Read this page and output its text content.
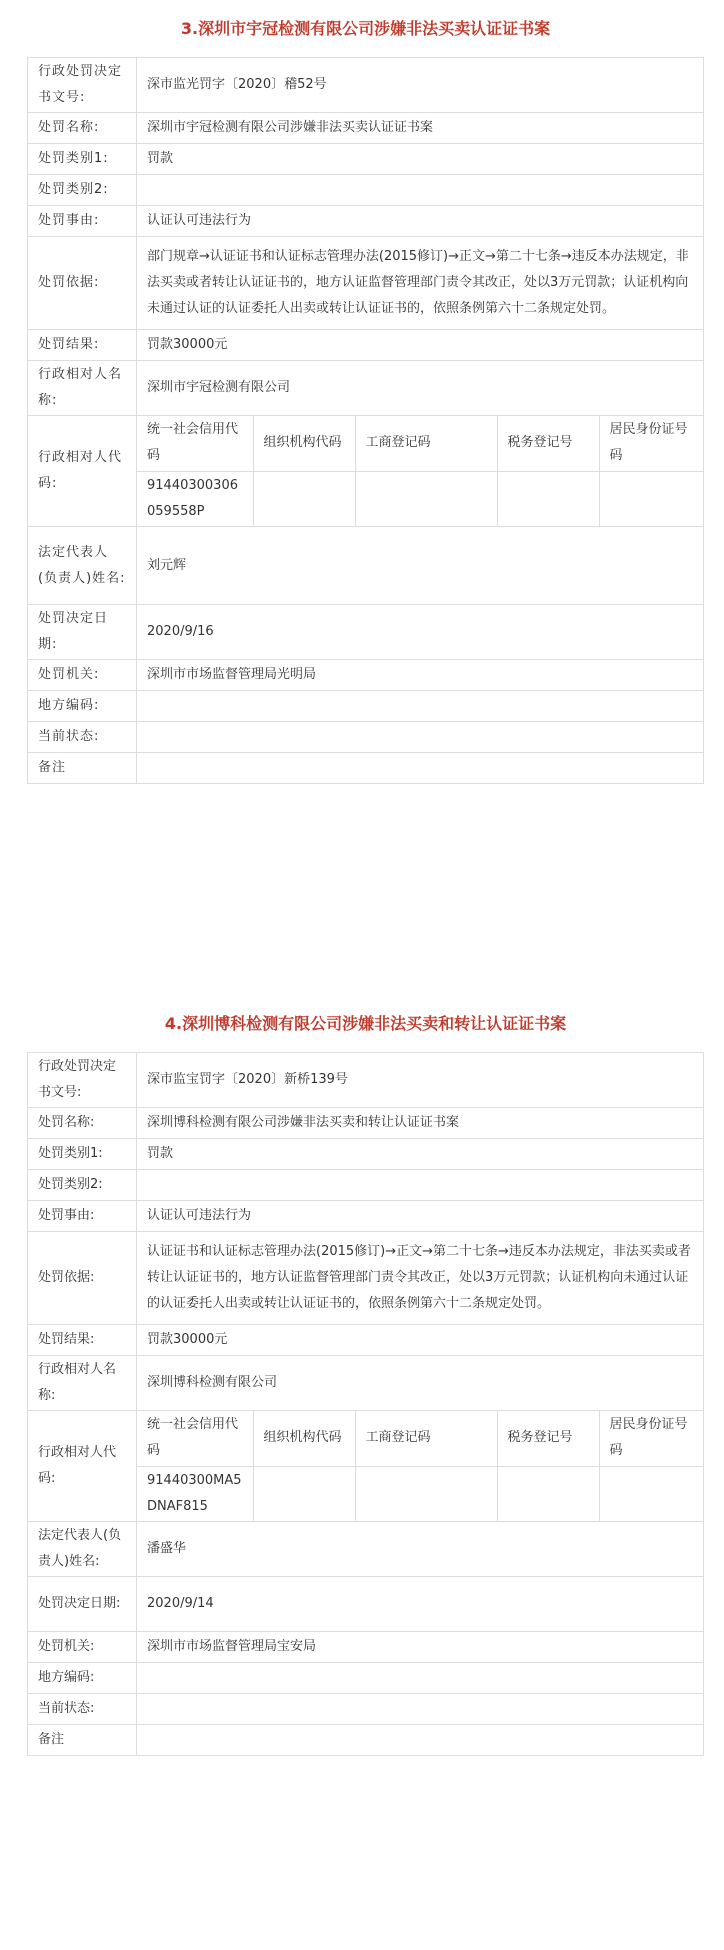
3.深圳市宇冠检测有限公司涉嫌非法买卖认证证书案
行政处罚决定书文号:	深市监光罚字〔2020〕稽52号
处罚名称:	深圳市宇冠检测有限公司涉嫌非法买卖认证证书案
处罚类别1:	罚款
处罚类别2:	
处罚事由:	认证认可违法行为
处罚依据:	部门规章→认证证书和认证标志管理办法(2015修订)→正文→第二十七条→违反本办法规定，非法买卖或者转让认证证书的，地方认证监督管理部门责令其改正，处以3万元罚款；认证机构向未通过认证的认证委托人出卖或转让认证证书的，依照条例第六十二条规定处罚。
处罚结果:	罚款30000元
行政相对人名称:	深圳市宇冠检测有限公司
行政相对人代码:	
统一社会信用代码	组织机构代码	工商登记码	税务登记号	居民身份证号码
91440300306059558P				

法定代表人(负责人)姓名:	刘元辉
处罚决定日期:	2020/9/16
处罚机关:	深圳市市场监督管理局光明局
地方编码:	
当前状态:	
备注	
4.深圳博科检测有限公司涉嫌非法买卖和转让认证证书案
行政处罚决定书文号:	深市监宝罚字〔2020〕新桥139号
处罚名称:	深圳博科检测有限公司涉嫌非法买卖和转让认证证书案
处罚类别1:	罚款
处罚类别2:	
处罚事由:	认证认可违法行为
处罚依据:	认证证书和认证标志管理办法(2015修订)→正文→第二十七条→违反本办法规定，非法买卖或者转让认证证书的，地方认证监督管理部门责令其改正，处以3万元罚款；认证机构向未通过认证的认证委托人出卖或转让认证证书的，依照条例第六十二条规定处罚。
处罚结果:	罚款30000元
行政相对人名称:	深圳博科检测有限公司
行政相对人代码:	
统一社会信用代码	组织机构代码	工商登记码	税务登记号	居民身份证号码
91440300MA5DNAF815				

法定代表人(负责人)姓名:	潘盛华
处罚决定日期:	2020/9/14
处罚机关:	深圳市市场监督管理局宝安局
地方编码:	
当前状态:	
备注	
